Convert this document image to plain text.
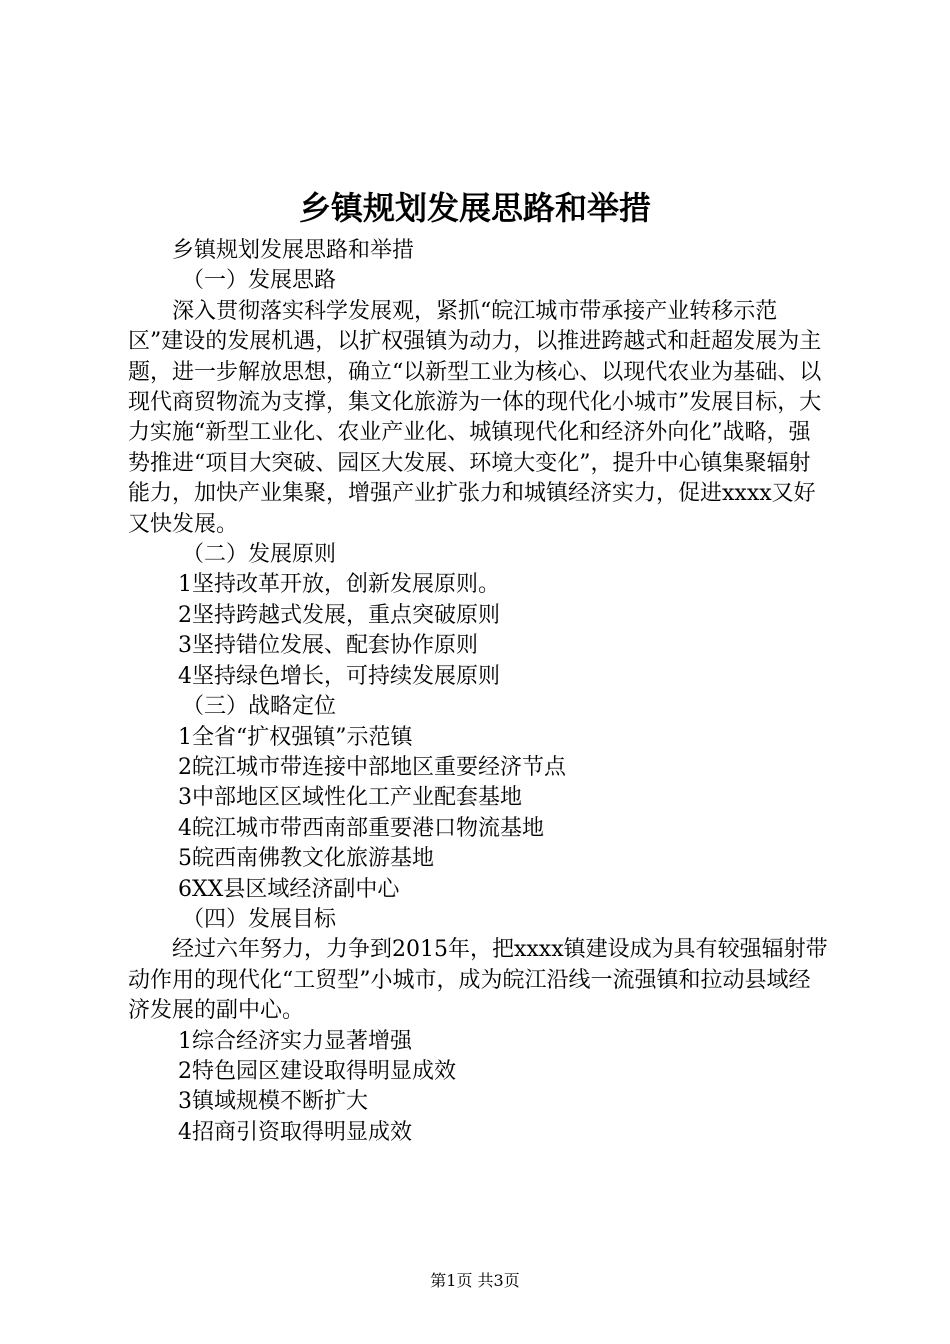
乡镇规划发展思路和举措

乡镇规划发展思路和举措

（一）发展思路

深入贯彻落实科学发展观，紧抓“皖江城市带承接产业转移示范区”建设的发展机遇，以扩权强镇为动力，以推进跨越式和赶超发展为主题，进一步解放思想，确立“以新型工业为核心、以现代农业为基础、以现代商贸物流为支撑，集文化旅游为一体的现代化小城市”发展目标，大力实施“新型工业化、农业产业化、城镇现代化和经济外向化”战略，强势推进“项目大突破、园区大发展、环境大变化”，提升中心镇集聚辐射能力，加快产业集聚，增强产业扩张力和城镇经济实力，促进xxxx又好又快发展。

（二）发展原则

1坚持改革开放，创新发展原则。

2坚持跨越式发展，重点突破原则

3坚持错位发展、配套协作原则

4坚持绿色增长，可持续发展原则

（三）战略定位

1全省“扩权强镇”示范镇

2皖江城市带连接中部地区重要经济节点

3中部地区区域性化工产业配套基地

4皖江城市带西南部重要港口物流基地

5皖西南佛教文化旅游基地

6XX县区域经济副中心

（四）发展目标

经过六年努力，力争到2015年，把xxxx镇建设成为具有较强辐射带动作用的现代化“工贸型”小城市，成为皖江沿线一流强镇和拉动县域经济发展的副中心。

1综合经济实力显著增强

2特色园区建设取得明显成效

3镇域规模不断扩大

4招商引资取得明显成效

第1页 共3页
